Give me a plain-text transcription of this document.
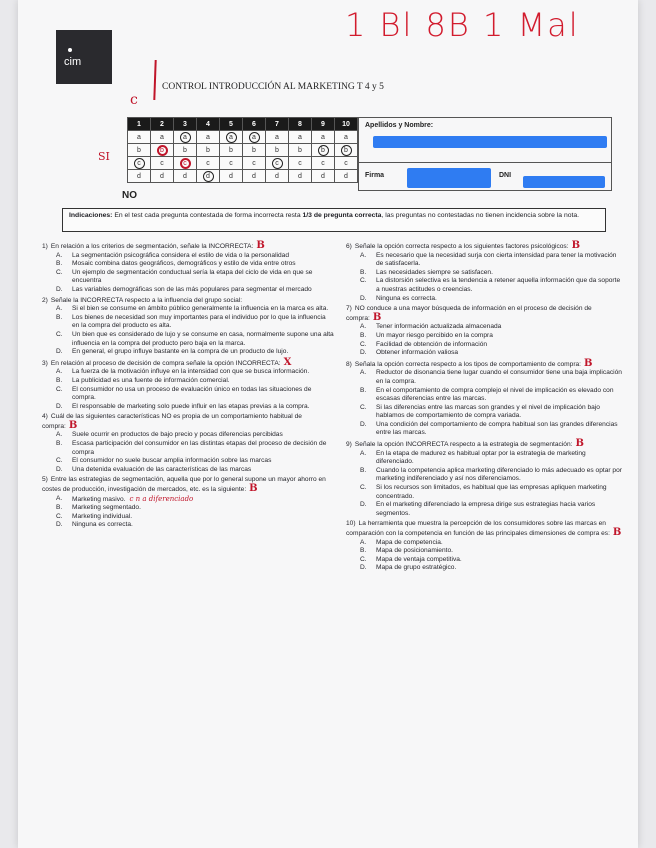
1 Bl 8B 1 Mal
cim
CONTROL INTRODUCCIÓN AL MARKETING T 4 y 5
c
SI
NO
1	2	3	4	5	6	7	8	9	10
a	a	a	a	a	a	a	a	a	a
b	b	b	b	b	b	b	b	b	b
c	c	c	c	c	c	c	c	c	c
d	d	d	d	d	d	d	d	d	d
Apellidos y Nombre:
Firma	DNI
Indicaciones: En el test cada pregunta contestada de forma incorrecta resta 1/3 de pregunta correcta, las preguntas no contestadas no tienen incidencia sobre la nota.
1) En relación a los criterios de segmentación, señale la INCORRECTA: B
A.	La segmentación psicográfica considera el estilo de vida o la personalidad
B.	Mosaic combina datos geográficos, demográficos y estilo de vida entre otros
C.	Un ejemplo de segmentación conductual sería la etapa del ciclo de vida en que se encuentra
D.	Las variables demográficas son de las más populares para segmentar el mercado
2) Señale la INCORRECTA respecto a la influencia del grupo social:
A.	Si el bien se consume en ámbito público generalmente la influencia en la marca es alta.
B.	Los bienes de necesidad son muy importantes para el individuo por lo que la influencia en la compra del producto es alta.
C.	Un bien que es considerado de lujo y se consume en casa, normalmente supone una alta influencia en la compra del producto pero baja en la marca.
D.	En general, el grupo influye bastante en la compra de un producto de lujo.
3) En relación al proceso de decisión de compra señale la opción INCORRECTA: X
A.	La fuerza de la motivación influye en la intensidad con que se busca información.
B.	La publicidad es una fuente de información comercial.
C.	El consumidor no usa un proceso de evaluación único en todas las situaciones de compra.
D.	El responsable de marketing solo puede influir en las etapas previas a la compra.
4) Cuál de las siguientes características NO es propia de un comportamiento habitual de compra: B
A.	Suele ocurrir en productos de bajo precio y pocas diferencias percibidas
B.	Escasa participación del consumidor en las distintas etapas del proceso de decisión de compra
C.	El consumidor no suele buscar amplia información sobre las marcas
D.	Una detenida evaluación de las características de las marcas
5) Entre las estrategias de segmentación, aquella que por lo general supone un mayor ahorro en costes de producción, investigación de mercados, etc. es la siguiente: B
A.	Marketing masivo. c n a diferenciado
B.	Marketing segmentado.
C.	Marketing individual.
D.	Ninguna es correcta.
6) Señale la opción correcta respecto a los siguientes factores psicológicos: B
A.	Es necesario que la necesidad surja con cierta intensidad para tener la motivación de satisfacerla.
B.	Las necesidades siempre se satisfacen.
C.	La distorsión selectiva es la tendencia a retener aquella información que da soporte a nuestras actitudes o creencias.
D.	Ninguna es correcta.
7) NO conduce a una mayor búsqueda de información en el proceso de decisión de compra: B
A.	Tener información actualizada almacenada
B.	Un mayor riesgo percibido en la compra
C.	Facilidad de obtención de información
D.	Obtener información valiosa
8) Señala la opción correcta respecto a los tipos de comportamiento de compra: B
A.	Reductor de disonancia tiene lugar cuando el consumidor tiene una baja implicación en la compra.
B.	En el comportamiento de compra complejo el nivel de implicación es elevado con escasas diferencias entre las marcas.
C.	Si las diferencias entre las marcas son grandes y el nivel de implicación bajo hablamos de comportamiento de compra variada.
D.	Una condición del comportamiento de compra habitual son las grandes diferencias entre las marcas.
9) Señale la opción INCORRECTA respecto a la estrategia de segmentación: B
A.	En la etapa de madurez es habitual optar por la estrategia de marketing diferenciado.
B.	Cuando la competencia aplica marketing diferenciado lo más adecuado es optar por marketing indiferenciado y así nos diferenciamos.
C.	Si los recursos son limitados, es habitual que las empresas apliquen marketing concentrado.
D.	En el marketing diferenciado la empresa dirige sus estrategias hacia varios segmentos.
10) La herramienta que muestra la percepción de los consumidores sobre las marcas en comparación con la competencia en función de las principales dimensiones de compra es: B
A.	Mapa de competencia.
B.	Mapa de posicionamiento.
C.	Mapa de ventaja competitiva.
D.	Mapa de grupo estratégico.
